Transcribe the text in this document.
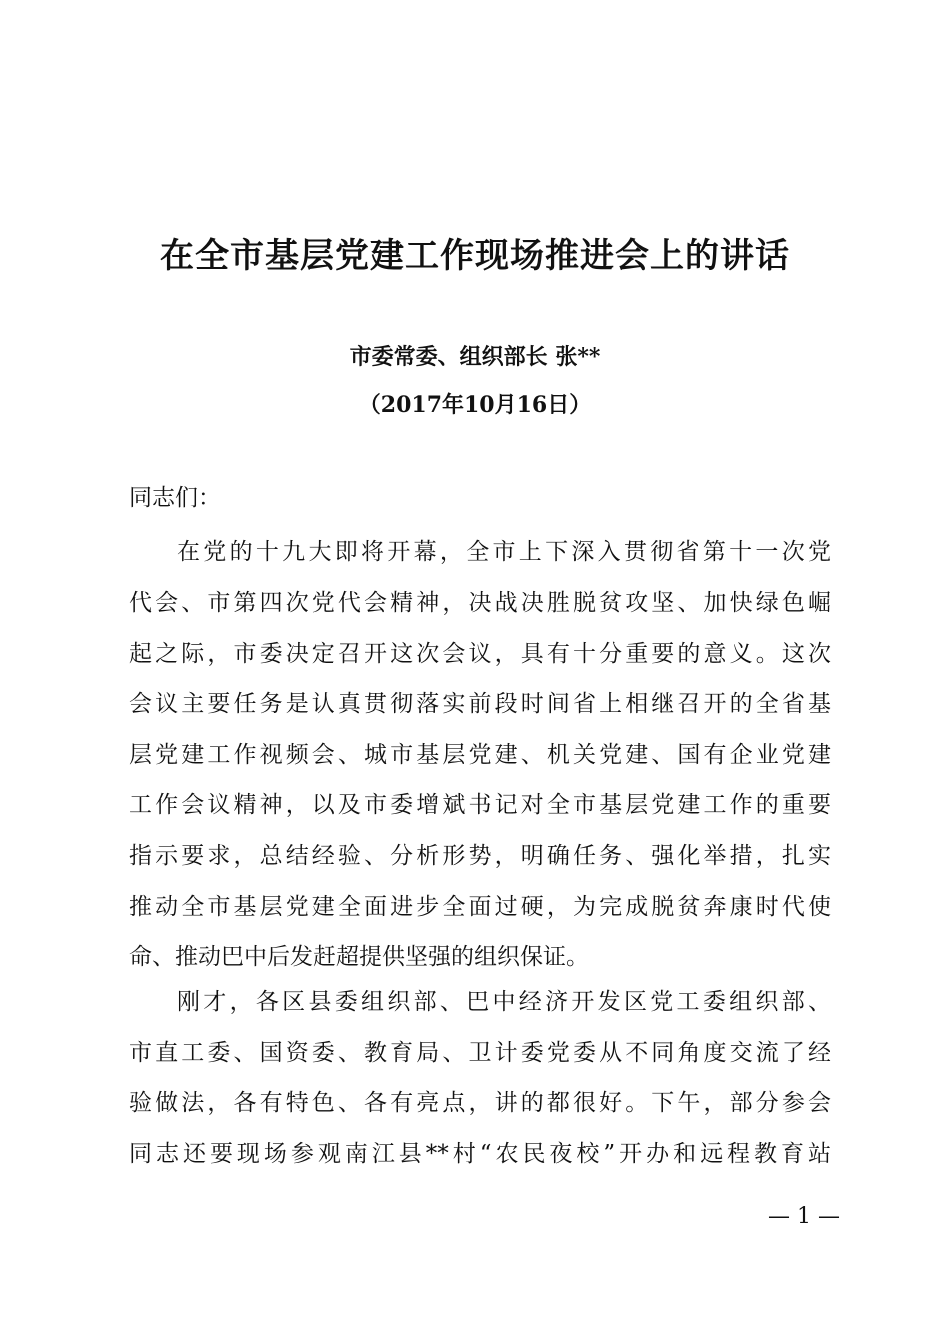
在全市基层党建工作现场推进会上的讲话
市委常委、组织部长 张**
（2017年10月16日）
同志们：
在党的十九大即将开幕，全市上下深入贯彻省第十一次党
代会、市第四次党代会精神，决战决胜脱贫攻坚、加快绿色崛
起之际，市委决定召开这次会议，具有十分重要的意义。这次
会议主要任务是认真贯彻落实前段时间省上相继召开的全省基
层党建工作视频会、城市基层党建、机关党建、国有企业党建
工作会议精神，以及市委增斌书记对全市基层党建工作的重要
指示要求，总结经验、分析形势，明确任务、强化举措，扎实
推动全市基层党建全面进步全面过硬，为完成脱贫奔康时代使
命、推动巴中后发赶超提供坚强的组织保证。
刚才，各区县委组织部、巴中经济开发区党工委组织部、
市直工委、国资委、教育局、卫计委党委从不同角度交流了经
验做法，各有特色、各有亮点，讲的都很好。下午，部分参会
同志还要现场参观南江县**村“农民夜校”开办和远程教育站
— 1 —
